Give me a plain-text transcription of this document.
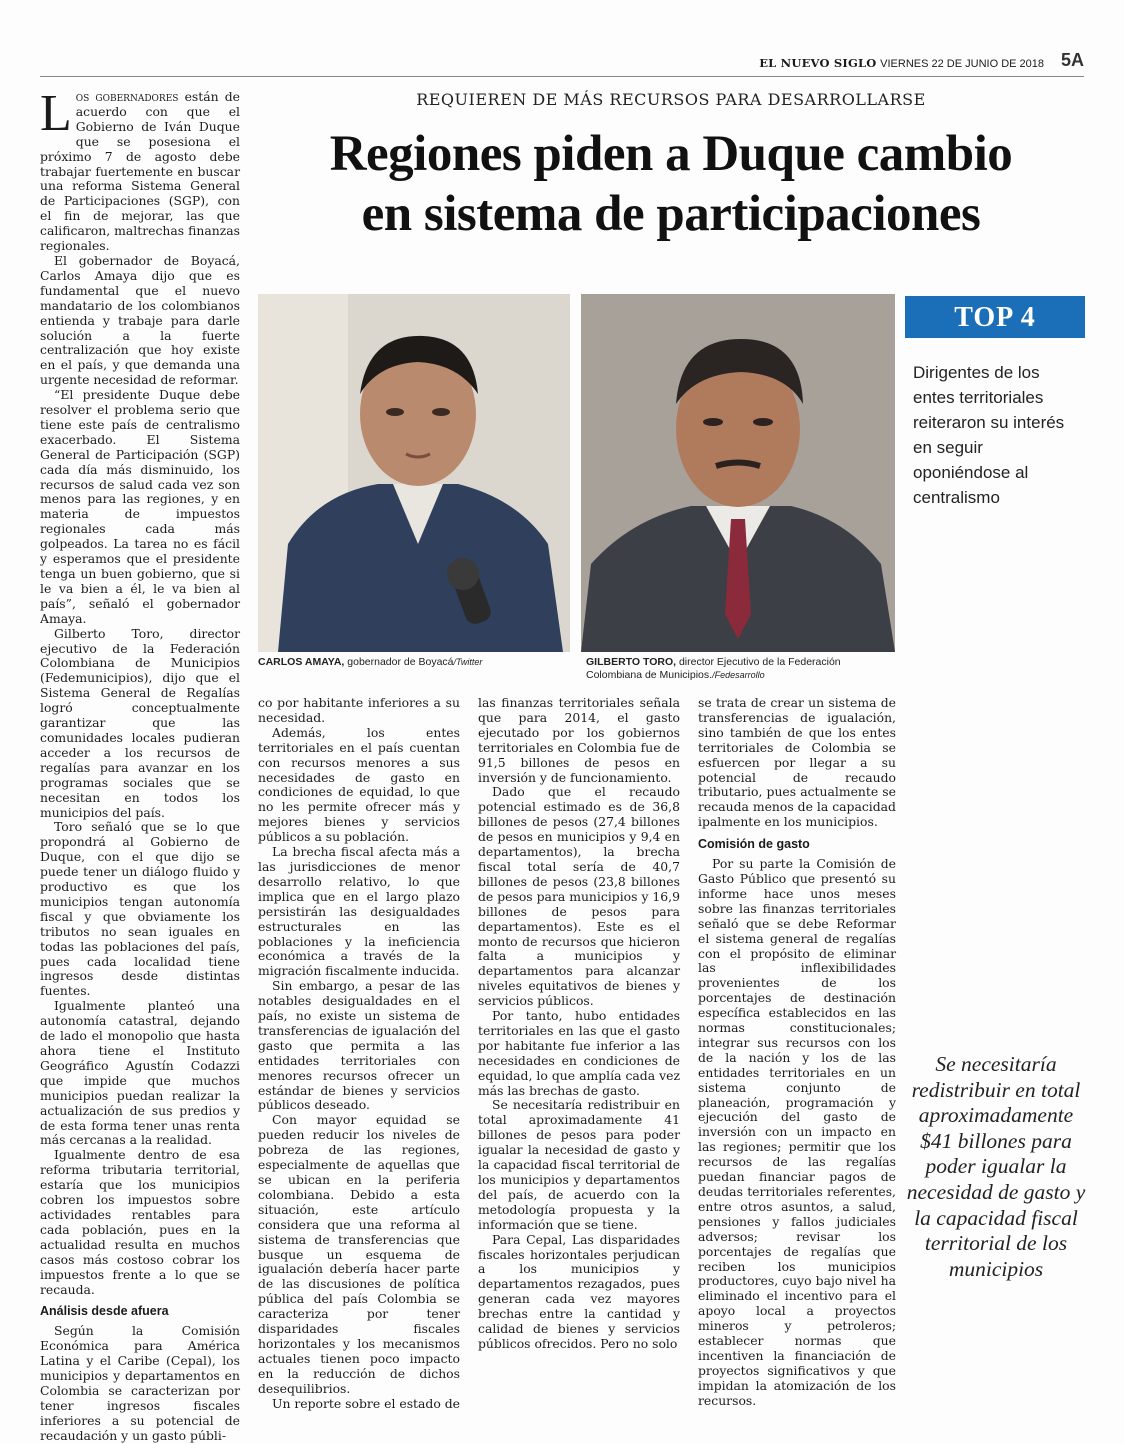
EL NUEVO SIGLO VIERNES 22 DE JUNIO DE 2018 5A
REQUIEREN DE MÁS RECURSOS PARA DESARROLLARSE
Regiones piden a Duque cambio
en sistema de participaciones

Los gobernadores están de acuerdo con que el Gobierno de Iván Duque que se posesiona el próximo 7 de agosto debe trabajar fuertemente en buscar una reforma Sistema General de Participaciones (SGP), con el fin de mejorar, las que calificaron, maltrechas finanzas regionales.

El gobernador de Boyacá, Carlos Amaya dijo que es fundamental que el nuevo mandatario de los colombianos entienda y trabaje para darle solución a la fuerte centralización que hoy existe en el país, y que demanda una urgente necesidad de reformar.

“El presidente Duque debe resolver el problema serio que tiene este país de centralismo exacerbado. El Sistema General de Participación (SGP) cada día más disminuido, los recursos de salud cada vez son menos para las regiones, y en materia de impuestos regionales cada más golpeados. La tarea no es fácil y esperamos que el presidente tenga un buen gobierno, que si le va bien a él, le va bien al país”, señaló el gobernador Amaya.

Gilberto Toro, director ejecutivo de la Federación Colombiana de Municipios (Fedemunicipios), dijo que el Sistema General de Regalías logró conceptualmente garantizar que las comunidades locales pudieran acceder a los recursos de regalías para avanzar en los programas sociales que se necesitan en todos los municipios del país.

Toro señaló que se lo que propondrá al Gobierno de Duque, con el que dijo se puede tener un diálogo fluido y productivo es que los municipios tengan autonomía fiscal y que obviamente los tributos no sean iguales en todas las poblaciones del país, pues cada localidad tiene ingresos desde distintas fuentes.

Igualmente planteó una autonomía catastral, dejando de lado el monopolio que hasta ahora tiene el Instituto Geográfico Agustín Codazzi que impide que muchos municipios puedan realizar la actualización de sus predios y de esta forma tener unas renta más cercanas a la realidad.

Igualmente dentro de esa reforma tributaria territorial, estaría que los municipios cobren los impuestos sobre actividades rentables para cada población, pues en la actualidad resulta en muchos casos más costoso cobrar los impuestos frente a lo que se recauda.

Análisis desde afuera

Según la Comisión Económica para América Latina y el Caribe (Cepal), los municipios y departamentos en Colombia se caracterizan por tener ingresos fiscales inferiores a su potencial de recaudación y un gasto públi-

CARLOS AMAYA, gobernador de Boyacá/Twitter	GILBERTO TORO, director Ejecutivo de la Federación Colombiana de Municipios./Fedesarrollo

co por habitante inferiores a su necesidad.

Además, los entes territoriales en el país cuentan con recursos menores a sus necesidades de gasto en condiciones de equidad, lo que no les permite ofrecer más y mejores bienes y servicios públicos a su población.

La brecha fiscal afecta más a las jurisdicciones de menor desarrollo relativo, lo que implica que en el largo plazo persistirán las desigualdades estructurales en las poblaciones y la ineficiencia económica a través de la migración fiscalmente inducida.

Sin embargo, a pesar de las notables desigualdades en el país, no existe un sistema de transferencias de igualación del gasto que permita a las entidades territoriales con menores recursos ofrecer un estándar de bienes y servicios públicos deseado.

Con mayor equidad se pueden reducir los niveles de pobreza de las regiones, especialmente de aquellas que se ubican en la periferia colombiana. Debido a esta situación, este artículo considera que una reforma al sistema de transferencias que busque un esquema de igualación debería hacer parte de las discusiones de política pública del país Colombia se caracteriza por tener disparidades fiscales horizontales y los mecanismos actuales tienen poco impacto en la reducción de dichos desequilibrios.

Un reporte sobre el estado de

las finanzas territoriales señala que para 2014, el gasto ejecutado por los gobiernos territoriales en Colombia fue de 91,5 billones de pesos en inversión y de funcionamiento.

Dado que el recaudo potencial estimado es de 36,8 billones de pesos (27,4 billones de pesos en municipios y 9,4 en departamentos), la brecha fiscal total sería de 40,7 billones de pesos (23,8 billones de pesos para municipios y 16,9 billones de pesos para departamentos). Este es el monto de recursos que hicieron falta a municipios y departamentos para alcanzar niveles equitativos de bienes y servicios públicos.

Por tanto, hubo entidades territoriales en las que el gasto por habitante fue inferior a las necesidades en condiciones de equidad, lo que amplía cada vez más las brechas de gasto.

Se necesitaría redistribuir en total aproximadamente 41 billones de pesos para poder igualar la necesidad de gasto y la capacidad fiscal territorial de los municipios y departamentos del país, de acuerdo con la metodología propuesta y la información que se tiene.

Para Cepal, Las disparidades fiscales horizontales perjudican a los municipios y departamentos rezagados, pues generan cada vez mayores brechas entre la cantidad y calidad de bienes y servicios públicos ofrecidos. Pero no solo

se trata de crear un sistema de transferencias de igualación, sino también de que los entes territoriales de Colombia se esfuercen por llegar a su potencial de recaudo tributario, pues actualmente se recauda menos de la capacidad ipalmente en los municipios.

Comisión de gasto

Por su parte la Comisión de Gasto Público que presentó su informe hace unos meses sobre las finanzas territoriales señaló que se debe Reformar el sistema general de regalías con el propósito de eliminar las inflexibilidades provenientes de los porcentajes de destinación específica establecidos en las normas constitucionales; integrar sus recursos con los de la nación y los de las entidades territoriales en un sistema conjunto de planeación, programación y ejecución del gasto de inversión con un impacto en las regiones; permitir que los recursos de las regalías puedan financiar pagos de deudas territoriales referentes, entre otros asuntos, a salud, pensiones y fallos judiciales adversos; revisar los porcentajes de regalías que reciben los municipios productores, cuyo bajo nivel ha eliminado el incentivo para el apoyo local a proyectos mineros y petroleros; establecer normas que incentiven la financiación de proyectos significativos y que impidan la atomización de los recursos.

TOP 4
Dirigentes de los entes territoriales reiteraron su interés en seguir oponiéndose al centralismo
Se necesitaría redistribuir en total aproximadamente $41 billones para poder igualar la necesidad de gasto y la capacidad fiscal territorial de los municipios
